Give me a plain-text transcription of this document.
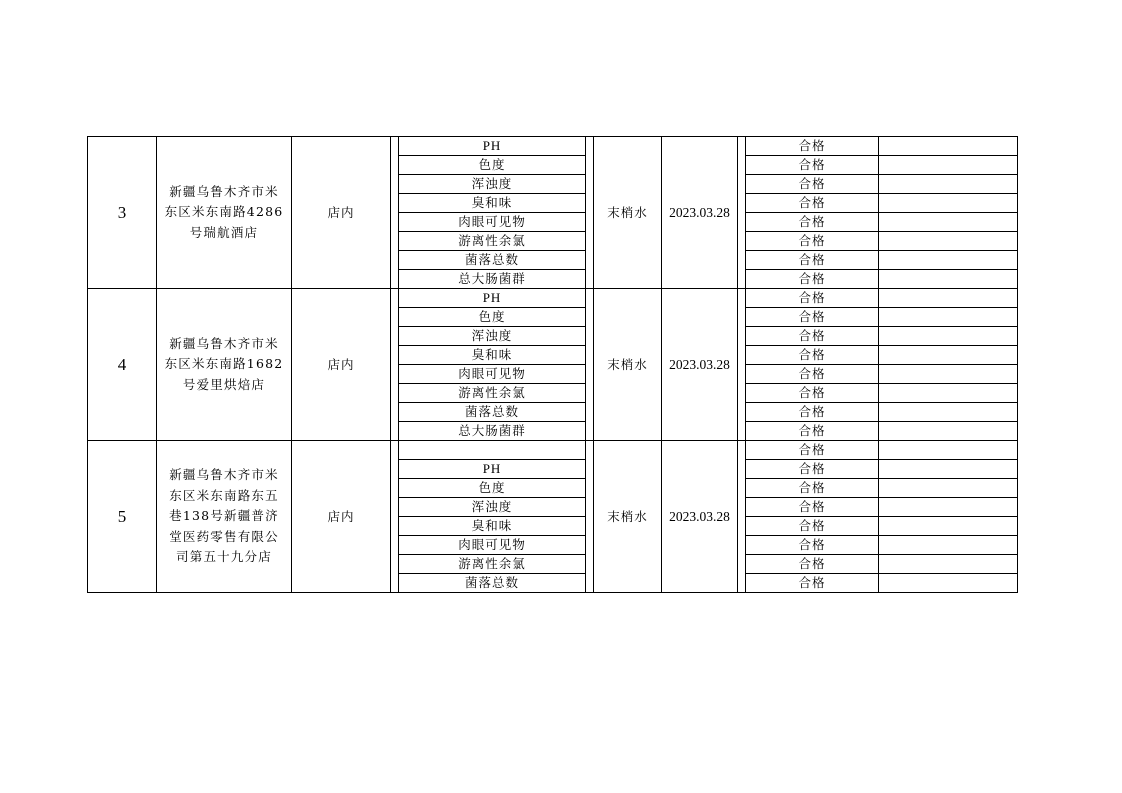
3	新疆乌鲁木齐市米东区米东南路4286号瑞航酒店	店内		PH		末梢水	2023.03.28		合格	
				色度					合格	
				浑浊度					合格	
				臭和味					合格	
				肉眼可见物					合格	
				游离性余氯					合格	
				菌落总数					合格	
				总大肠菌群					合格	
4	新疆乌鲁木齐市米东区米东南路1682号爱里烘焙店	店内		PH		末梢水	2023.03.28		合格	
				色度					合格	
				浑浊度					合格	
				臭和味					合格	
				肉眼可见物					合格	
				游离性余氯					合格	
				菌落总数					合格	
				总大肠菌群					合格	
5	新疆乌鲁木齐市米东区米东南路东五巷138号新疆普济堂医药零售有限公司第五十九分店	店内				末梢水	2023.03.28		合格	
				PH					合格	
				色度					合格	
				浑浊度					合格	
				臭和味					合格	
				肉眼可见物					合格	
				游离性余氯					合格	
				菌落总数					合格	
